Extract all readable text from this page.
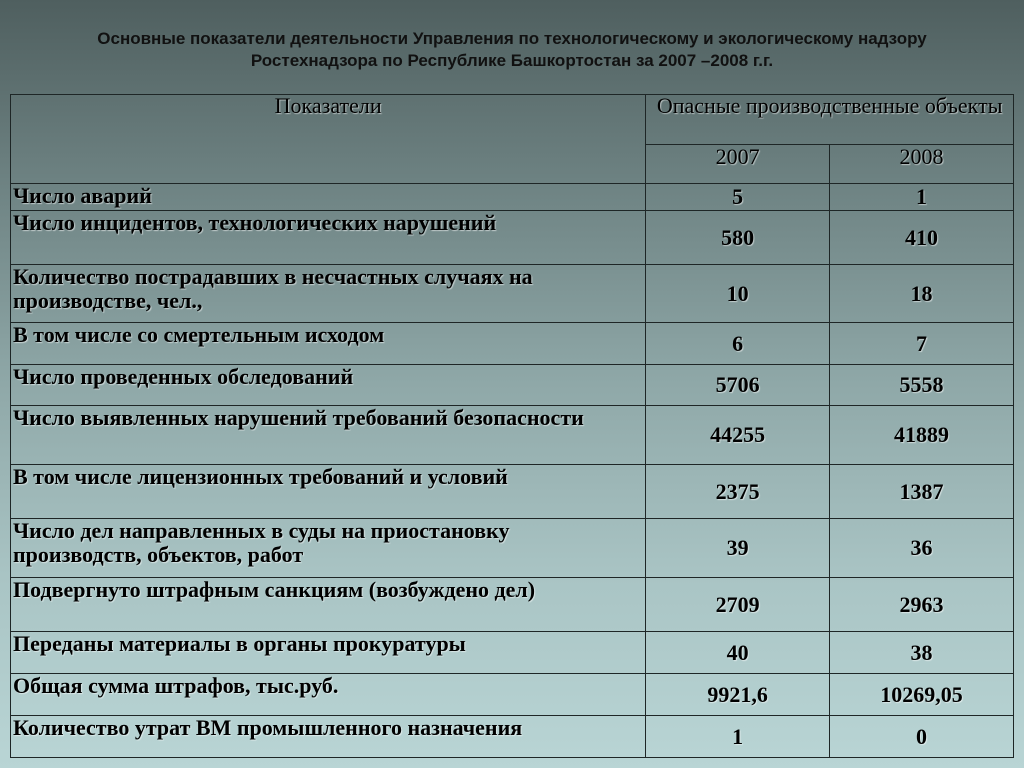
Основные показатели деятельности Управления по технологическому и экологическому надзору
Ростехнадзора по Республике Башкортостан за 2007 –2008 г.г.
Показатели	Опасные производственные объекты	
	2007	2008
Число аварий	5	1
Число инцидентов, технологических нарушений	580	410
Количество пострадавших в несчастных случаях на производстве, чел.,	10	18
В том числе со смертельным исходом	6	7
Число проведенных обследований	5706	5558
Число выявленных нарушений требований безопасности	44255	41889
В том числе лицензионных требований и условий	2375	1387
Число дел направленных в суды на приостановку производств, объектов, работ	39	36
Подвергнуто штрафным санкциям (возбуждено дел)	2709	2963
Переданы материалы в органы прокуратуры	40	38
Общая сумма штрафов, тыс.руб.	9921,6	10269,05
Количество утрат ВМ промышленного назначения	1	0
